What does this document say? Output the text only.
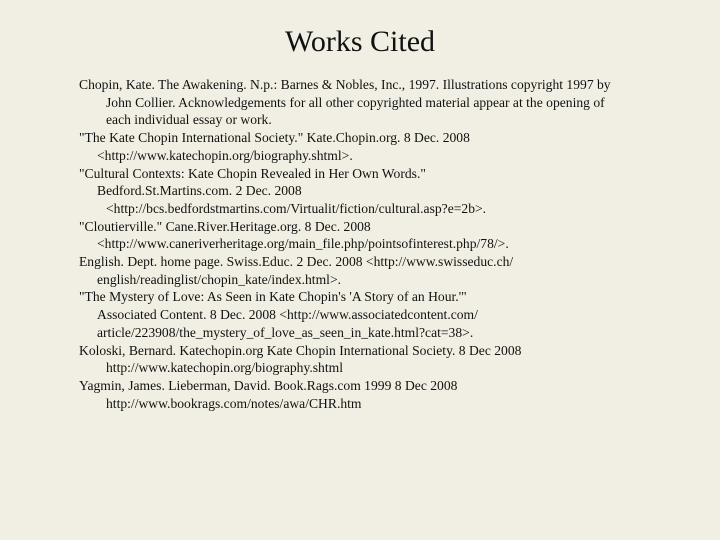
Works Cited
Chopin, Kate. The Awakening. N.p.: Barnes & Nobles, Inc., 1997. Illustrations copyright 1997 by
John Collier. Acknowledgements for all other copyrighted material appear at the opening of
each individual essay or work.
"The Kate Chopin International Society." Kate.Chopin.org. 8 Dec. 2008
<http://www.katechopin.org/biography.shtml>.
"Cultural Contexts: Kate Chopin Revealed in Her Own Words."
Bedford.St.Martins.com. 2 Dec. 2008
<http://bcs.bedfordstmartins.com/Virtualit/fiction/cultural.asp?e=2b>.
"Cloutierville." Cane.River.Heritage.org. 8 Dec. 2008
<http://www.caneriverheritage.org/main_file.php/pointsofinterest.php/78/>.
English. Dept. home page. Swiss.Educ. 2 Dec. 2008 <http://www.swisseduc.ch/
english/readinglist/chopin_kate/index.html>.
"The Mystery of Love: As Seen in Kate Chopin's 'A Story of an Hour.'"
Associated Content. 8 Dec. 2008 <http://www.associatedcontent.com/
article/223908/the_mystery_of_love_as_seen_in_kate.html?cat=38>.
Koloski, Bernard. Katechopin.org Kate Chopin International Society. 8 Dec 2008
http://www.katechopin.org/biography.shtml
Yagmin, James. Lieberman, David. Book.Rags.com 1999 8 Dec 2008
http://www.bookrags.com/notes/awa/CHR.htm
